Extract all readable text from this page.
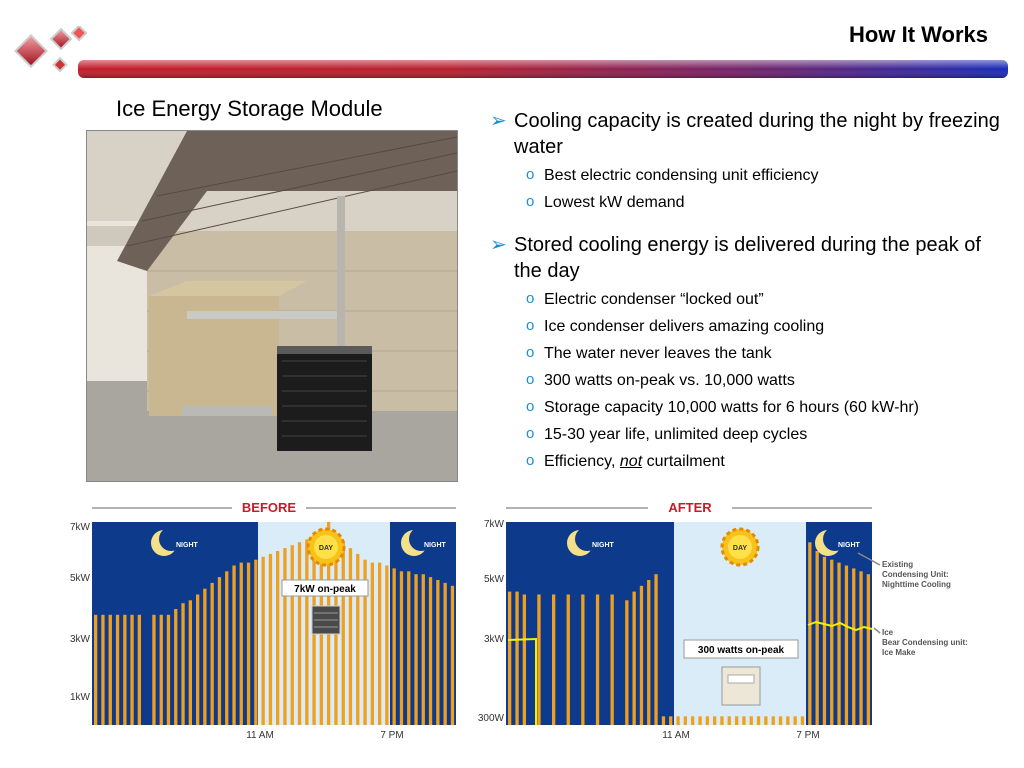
How It Works
Ice Energy Storage Module	➢ Cooling capacity is created during the night by freezing water
o Best electric condensing unit efficiency
o Lowest kW demand
➢ Stored cooling energy is delivered during the peak of the day
o Electric condenser “locked out”
o Ice condenser delivers amazing cooling
o The water never leaves the tank
o 300 watts on-peak vs. 10,000 watts
o Storage capacity 10,000 watts for 6 hours (60 kW-hr)
o 15-30 year life, unlimited deep cycles
o Efficiency, not curtailment
BEFORE
7kW
5kW
3kW
1kW
NIGHT	NIGHT
DAY
7kW on-peak
11 AM	7 PM
AFTER
7kW
5kW
3kW
300W
NIGHT	NIGHT
DAY
300 watts on-peak
Existing Condensing Unit: Nighttime Cooling
Ice Bear Condensing unit: Ice Make
11 AM	7 PM
